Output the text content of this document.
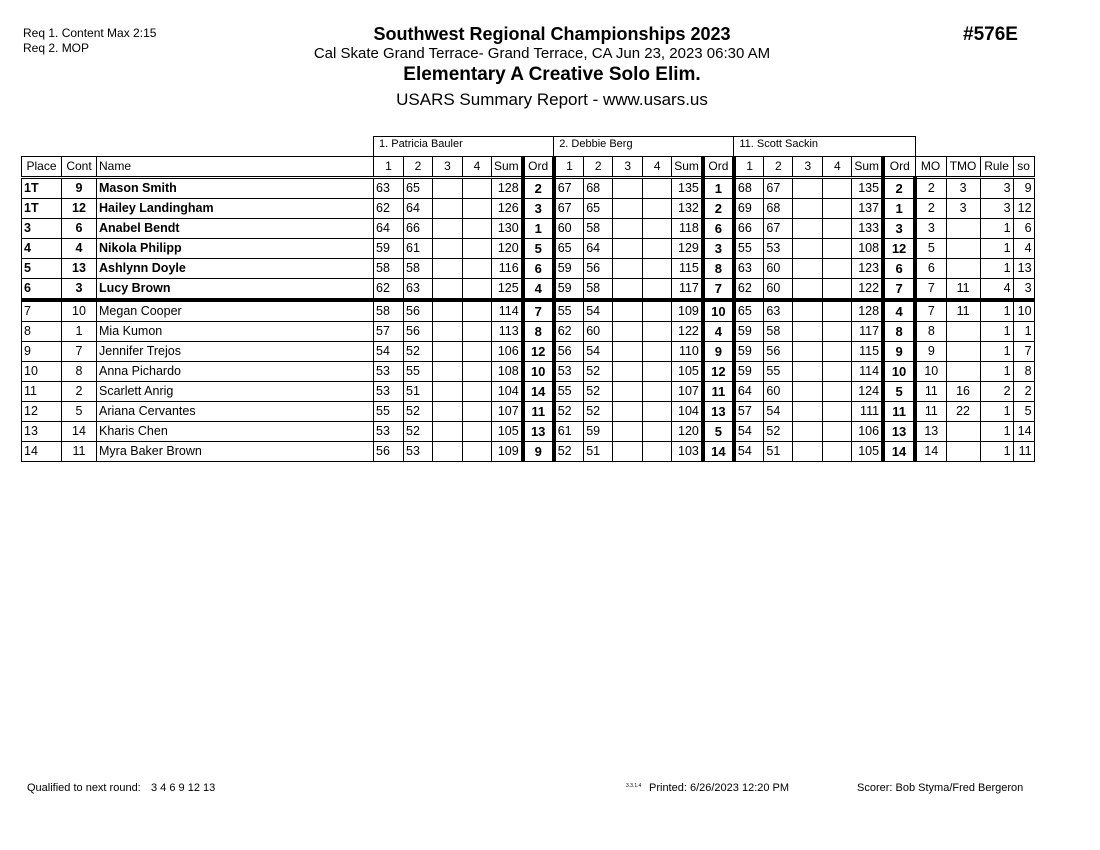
Req 1. Content Max 2:15
Req 2. MOP
Southwest Regional Championships 2023
Cal Skate Grand Terrace- Grand Terrace, CA Jun 23, 2023 06:30 AM
Elementary A Creative Solo Elim.
USARS Summary Report - www.usars.us
#576E
			1. Patricia Bauler						2. Debbie Berg						11. Scott Sackin									
Place	Cont	Name	1	2	3	4	Sum	Ord	1	2	3	4	Sum	Ord	1	2	3	4	Sum	Ord	MO	TMO	Rule	so
1T	9	Mason Smith	63	65			128	2	67	68			135	1	68	67			135	2	2	3	3	9
1T	12	Hailey Landingham	62	64			126	3	67	65			132	2	69	68			137	1	2	3	3	12
3	6	Anabel Bendt	64	66			130	1	60	58			118	6	66	67			133	3	3		1	6
4	4	Nikola Philipp	59	61			120	5	65	64			129	3	55	53			108	12	5		1	4
5	13	Ashlynn Doyle	58	58			116	6	59	56			115	8	63	60			123	6	6		1	13
6	3	Lucy Brown	62	63			125	4	59	58			117	7	62	60			122	7	7	11	4	3
7	10	Megan Cooper	58	56			114	7	55	54			109	10	65	63			128	4	7	11	1	10
8	1	Mia Kumon	57	56			113	8	62	60			122	4	59	58			117	8	8		1	1
9	7	Jennifer Trejos	54	52			106	12	56	54			110	9	59	56			115	9	9		1	7
10	8	Anna Pichardo	53	55			108	10	53	52			105	12	59	55			114	10	10		1	8
11	2	Scarlett Anrig	53	51			104	14	55	52			107	11	64	60			124	5	11	16	2	2
12	5	Ariana Cervantes	55	52			107	11	52	52			104	13	57	54			111	11	11	22	1	5
13	14	Kharis Chen	53	52			105	13	61	59			120	5	54	52			106	13	13		1	14
14	11	Myra Baker Brown	56	53			109	9	52	51			103	14	54	51			105	14	14		1	11
Qualified to next round: 3 4 6 9 12 13	3.3.1.4 Printed: 6/26/2023 12:20 PM	Scorer: Bob Styma/Fred Bergeron
